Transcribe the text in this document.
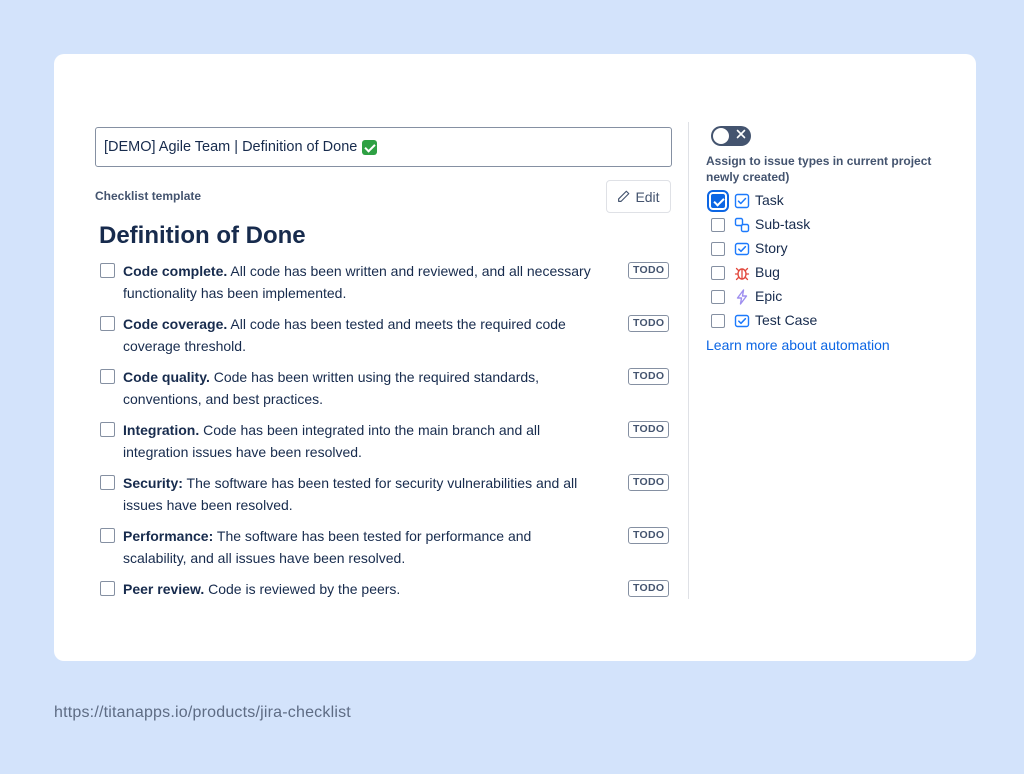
[DEMO] Agile Team | Definition of Done
Checklist template	Edit
Definition of Done
Code complete. All code has been written and reviewed, and all necessary functionality has been implemented.
TODO
Code coverage. All code has been tested and meets the required code coverage threshold.
TODO
Code quality. Code has been written using the required standards, conventions, and best practices.
TODO
Integration. Code has been integrated into the main branch and all integration issues have been resolved.
TODO
Security: The software has been tested for security vulnerabilities and all issues have been resolved.
TODO
Performance: The software has been tested for performance and scalability, and all issues have been resolved.
TODO
Peer review. Code is reviewed by the peers.	TODO
Assign to issue types in current project newly created)
Task
Sub-task
Story
Bug
Epic
Test Case
Learn more about automation
https://titanapps.io/products/jira-checklist
